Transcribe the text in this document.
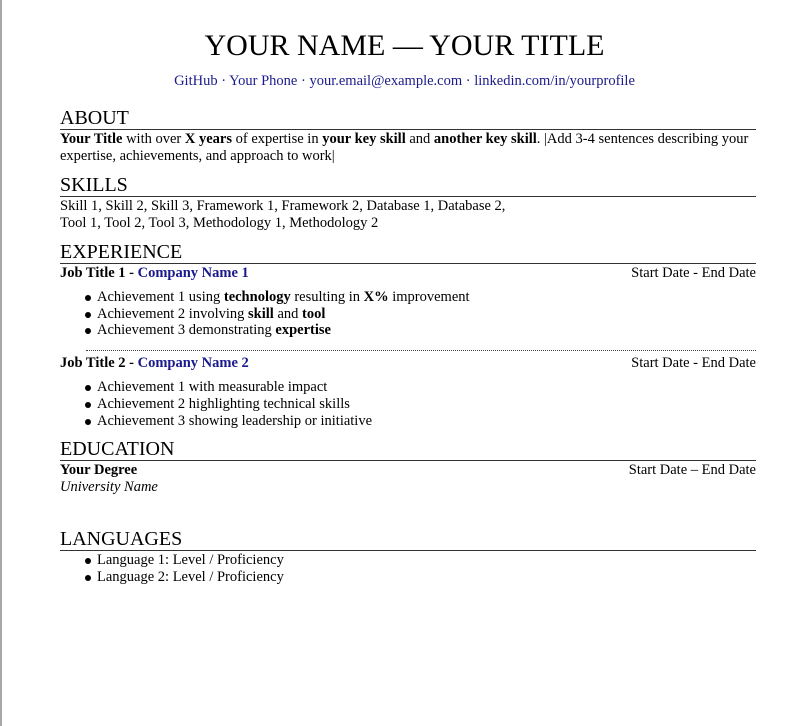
YOUR NAME — YOUR TITLE
GitHub · Your Phone · your.email@example.com · linkedin.com/in/yourprofile
ABOUT
Your Title with over X years of expertise in your key skill and another key skill. |Add 3-4 sentences describing your expertise, achievements, and approach to work|
SKILLS
Skill 1, Skill 2, Skill 3, Framework 1, Framework 2, Database 1, Database 2,
Tool 1, Tool 2, Tool 3, Methodology 1, Methodology 2
EXPERIENCE
Job Title 1 - Company Name 1	Start Date - End Date
Achievement 1 using technology resulting in X% improvement
Achievement 2 involving skill and tool
Achievement 3 demonstrating expertise
Job Title 2 - Company Name 2	Start Date - End Date
Achievement 1 with measurable impact
Achievement 2 highlighting technical skills
Achievement 3 showing leadership or initiative
EDUCATION
Your Degree	Start Date – End Date
University Name
LANGUAGES
Language 1: Level / Proficiency
Language 2: Level / Proficiency
